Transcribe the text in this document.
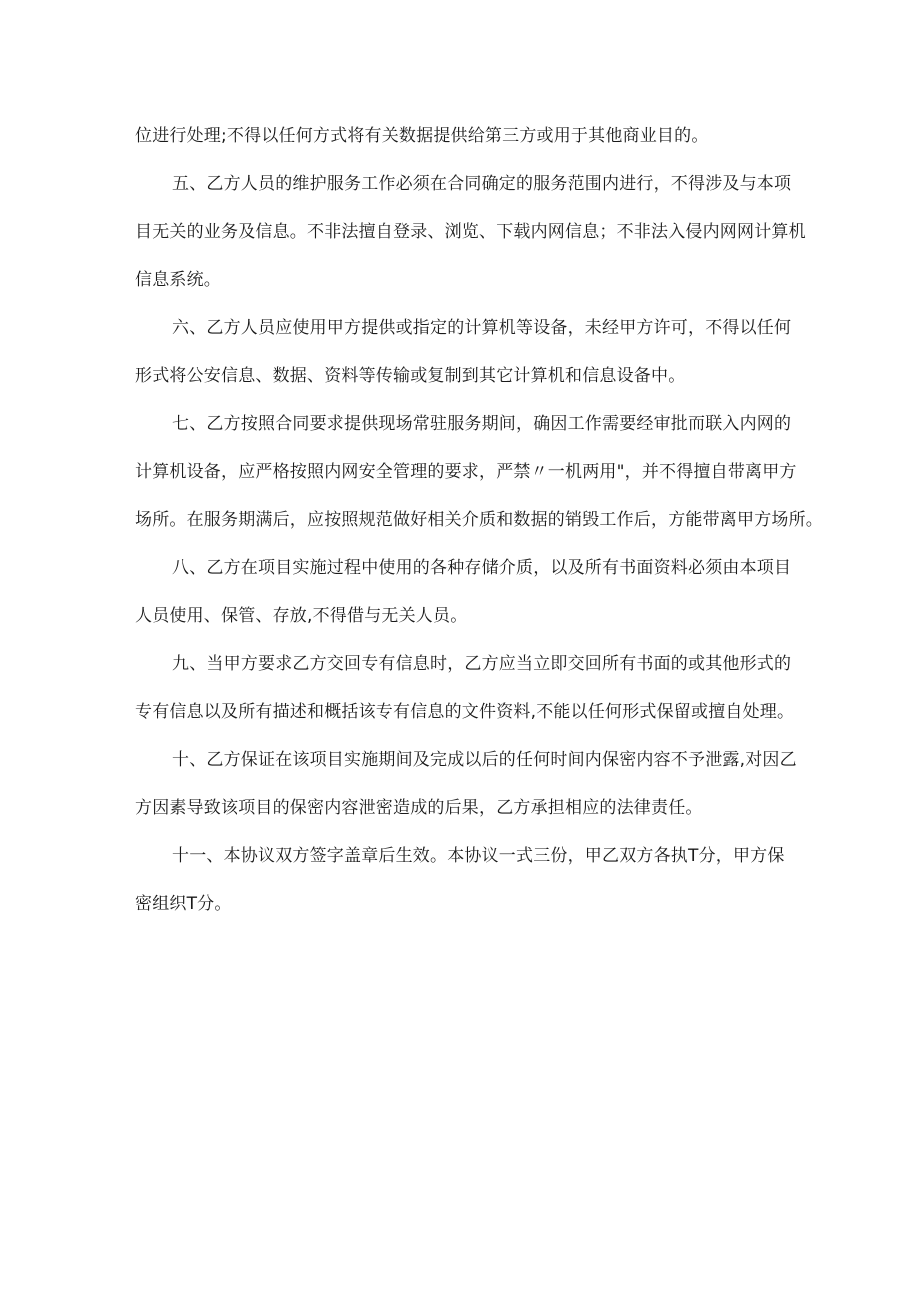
位进行处理;不得以任何方式将有关数据提供给第三方或用于其他商业目的。
五、乙方人员的维护服务工作必须在合同确定的服务范围内进行，不得涉及与本项
目无关的业务及信息。不非法擅自登录、浏览、下载内网信息；不非法入侵内网网计算机
信息系统。
六、乙方人员应使用甲方提供或指定的计算机等设备，未经甲方许可，不得以任何
形式将公安信息、数据、资料等传输或复制到其它计算机和信息设备中。
七、乙方按照合同要求提供现场常驻服务期间，确因工作需要经审批而联入内网的
计算机设备，应严格按照内网安全管理的要求，严禁〃一机两用"，并不得擅自带离甲方
场所。在服务期满后，应按照规范做好相关介质和数据的销毁工作后，方能带离甲方场所。
八、乙方在项目实施过程中使用的各种存储介质，以及所有书面资料必须由本项目
人员使用、保管、存放,不得借与无关人员。
九、当甲方要求乙方交回专有信息时，乙方应当立即交回所有书面的或其他形式的
专有信息以及所有描述和概括该专有信息的文件资料,不能以任何形式保留或擅自处理。
十、乙方保证在该项目实施期间及完成以后的任何时间内保密内容不予泄露,对因乙
方因素导致该项目的保密内容泄密造成的后果，乙方承担相应的法律责任。
十一、本协议双方签字盖章后生效。本协议一式三份，甲乙双方各执T分，甲方保
密组织T分。
